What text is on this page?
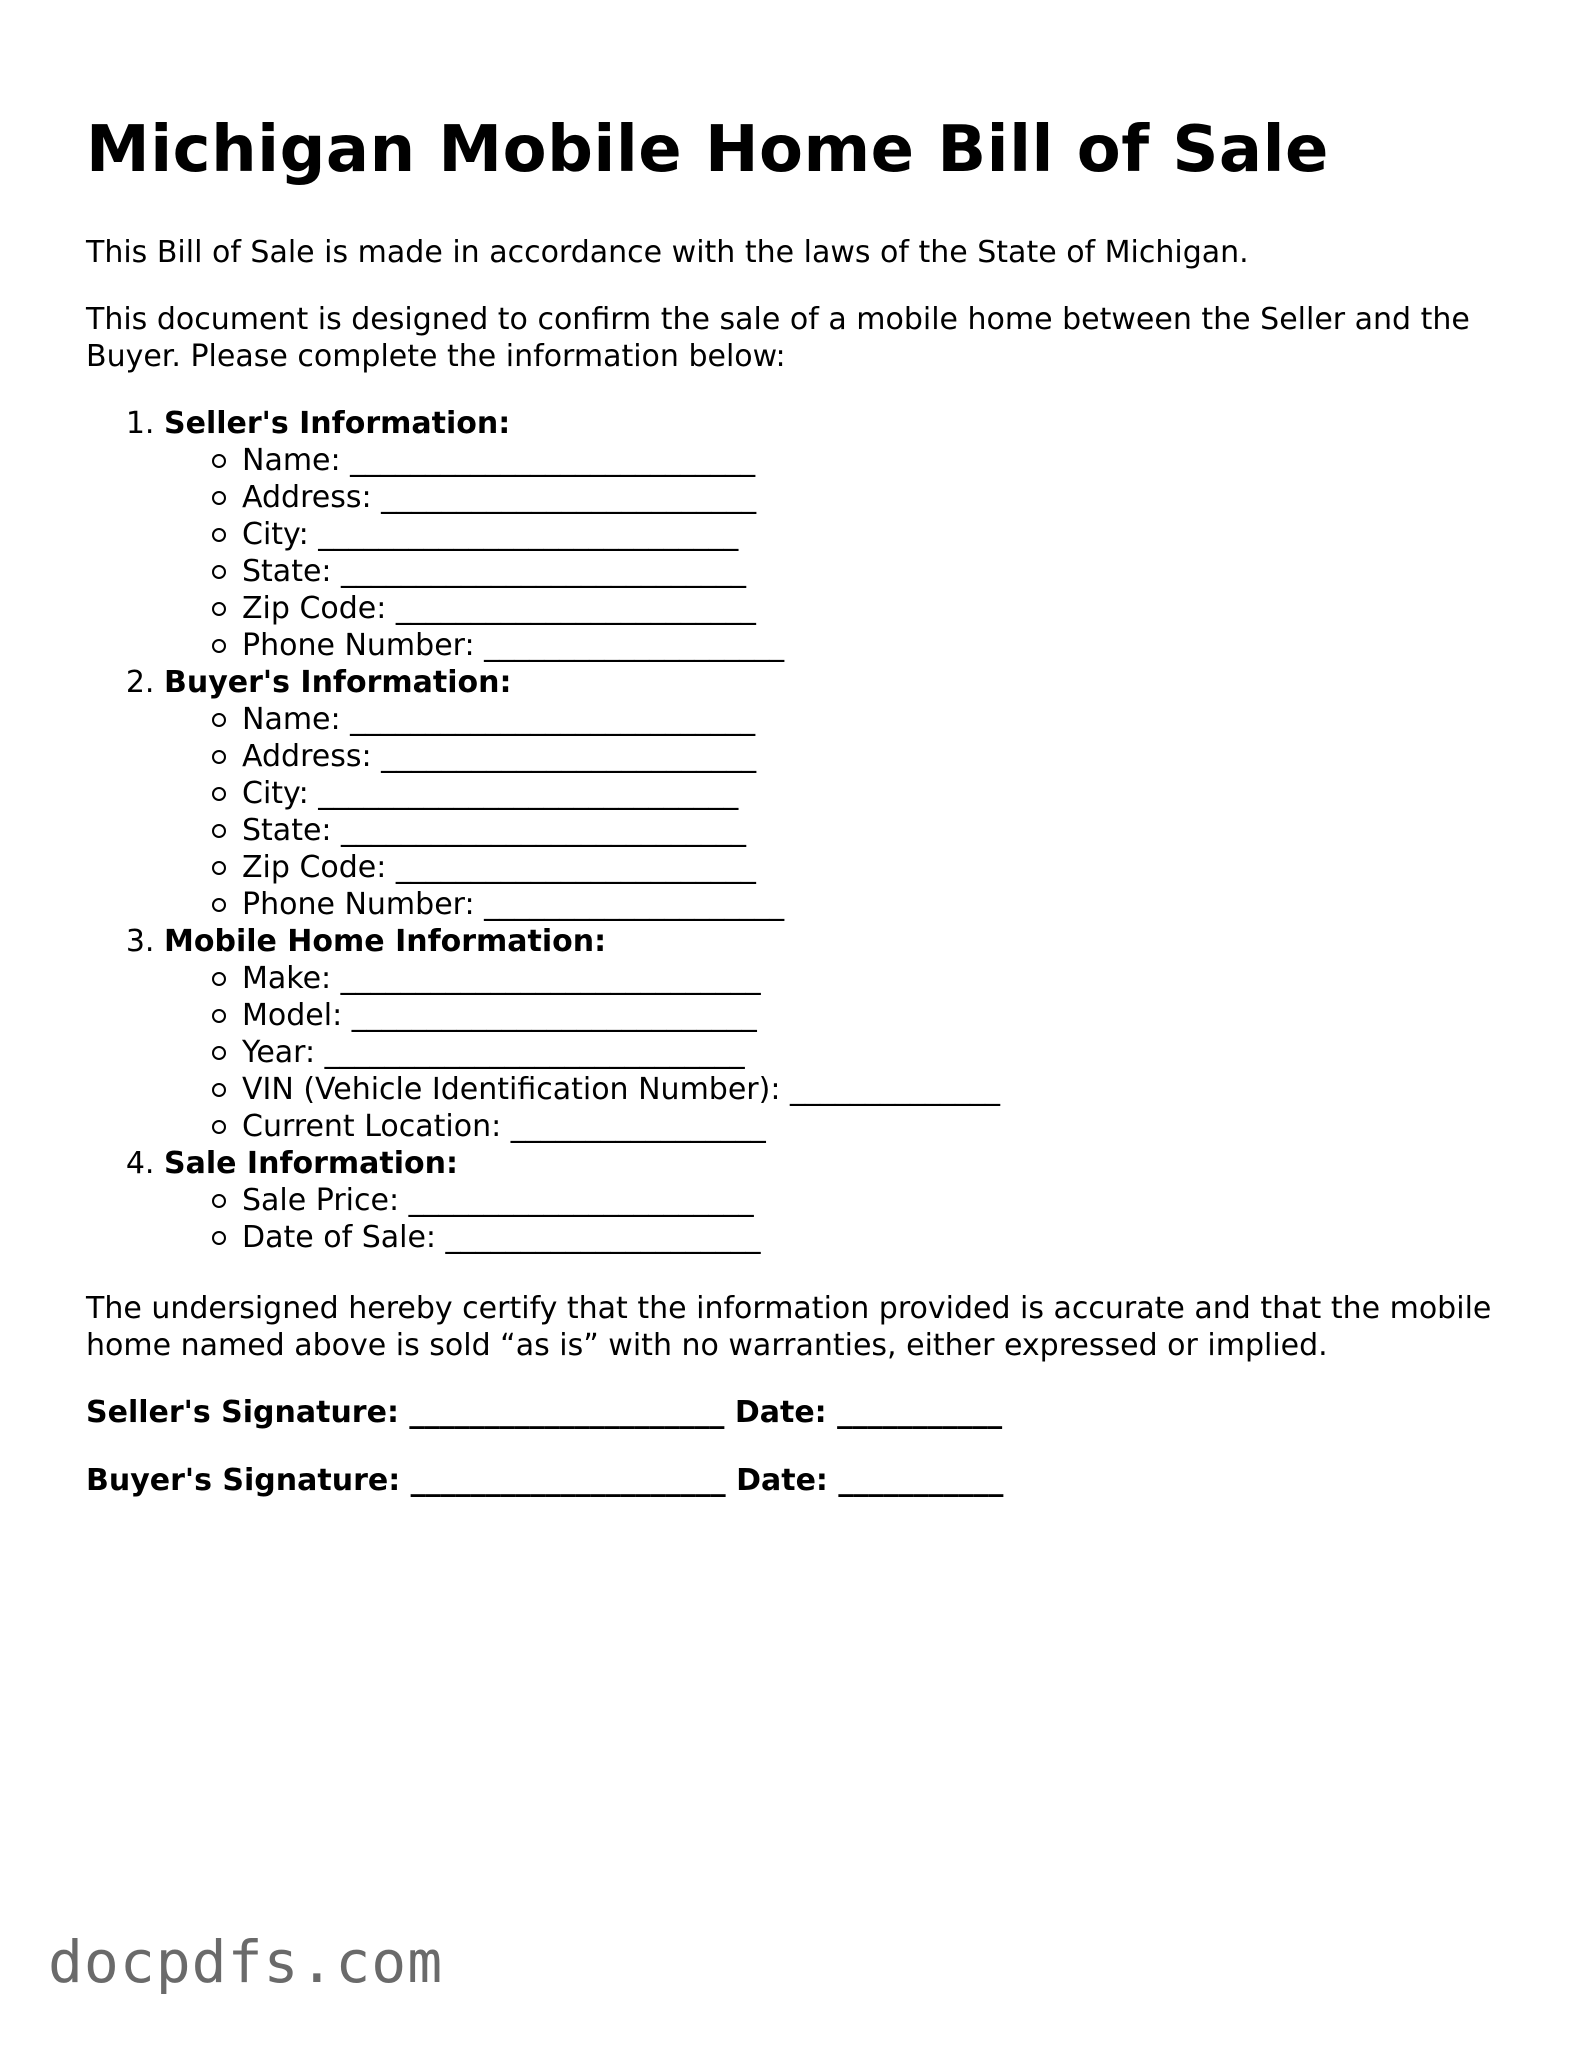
Michigan Mobile Home Bill of Sale

This Bill of Sale is made in accordance with the laws of the State of Michigan.

This document is designed to confirm the sale of a mobile home between the Seller and the Buyer. Please complete the information below:

1. Seller's Information:
Name: ___________________________
Address: _________________________
City: ____________________________
State: ___________________________
Zip Code: ________________________
Phone Number: ____________________
2. Buyer's Information:
Name: ___________________________
Address: _________________________
City: ____________________________
State: ___________________________
Zip Code: ________________________
Phone Number: ____________________
3. Mobile Home Information:
Make: ____________________________
Model: ___________________________
Year: ____________________________
VIN (Vehicle Identification Number): ______________
Current Location: _________________
4. Sale Information:
Sale Price: _______________________
Date of Sale: _____________________

The undersigned hereby certify that the information provided is accurate and that the mobile home named above is sold “as is” with no warranties, either expressed or implied.

Seller's Signature: _____________________ Date: ___________

Buyer's Signature: _____________________ Date: ___________

docpdfs.com
